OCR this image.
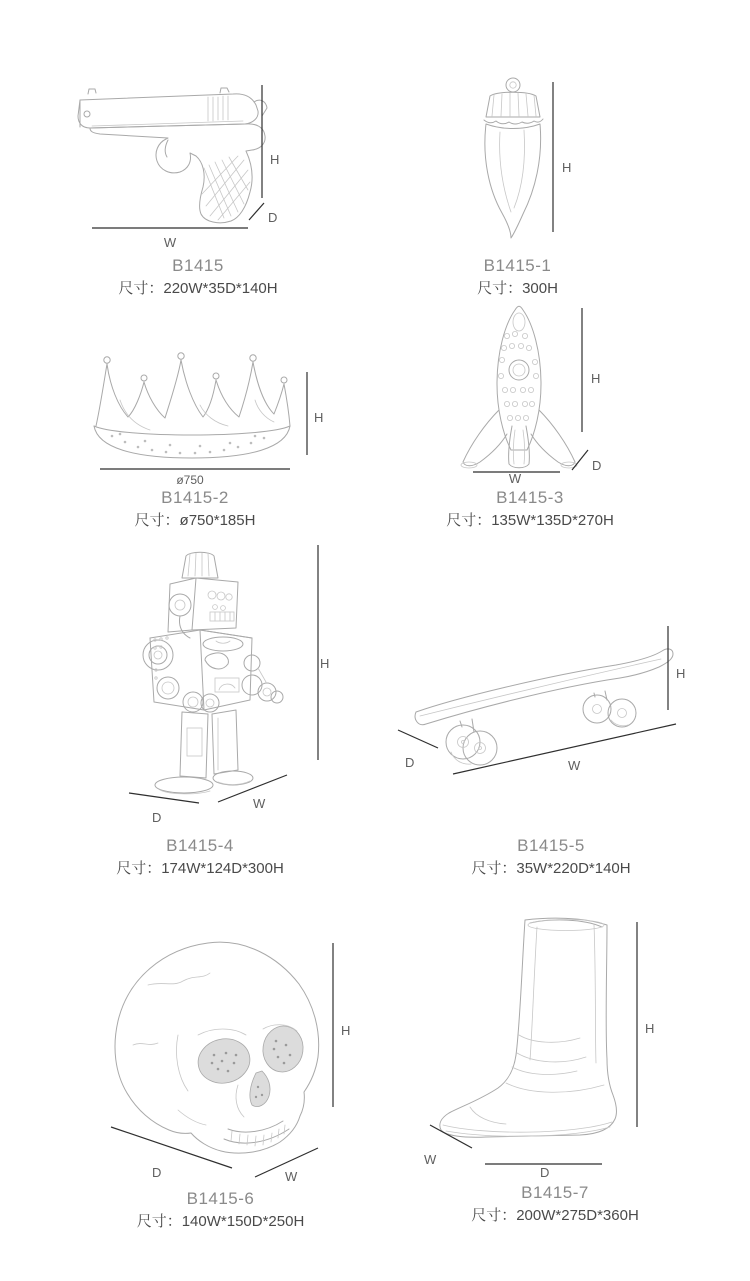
H
D
W
B1415
尺寸：220W*35D*140H
H
B1415-1
尺寸：300H
H
ø750
B1415-2
尺寸：ø750*185H
H
D
W
B1415-3
尺寸：135W*135D*270H
H
W
D
B1415-4
尺寸：174W*124D*300H
H
W
D
B1415-5
尺寸：35W*220D*140H
H
D	W
B1415-6
尺寸：140W*150D*250H
H
W
D
B1415-7
尺寸：200W*275D*360H
